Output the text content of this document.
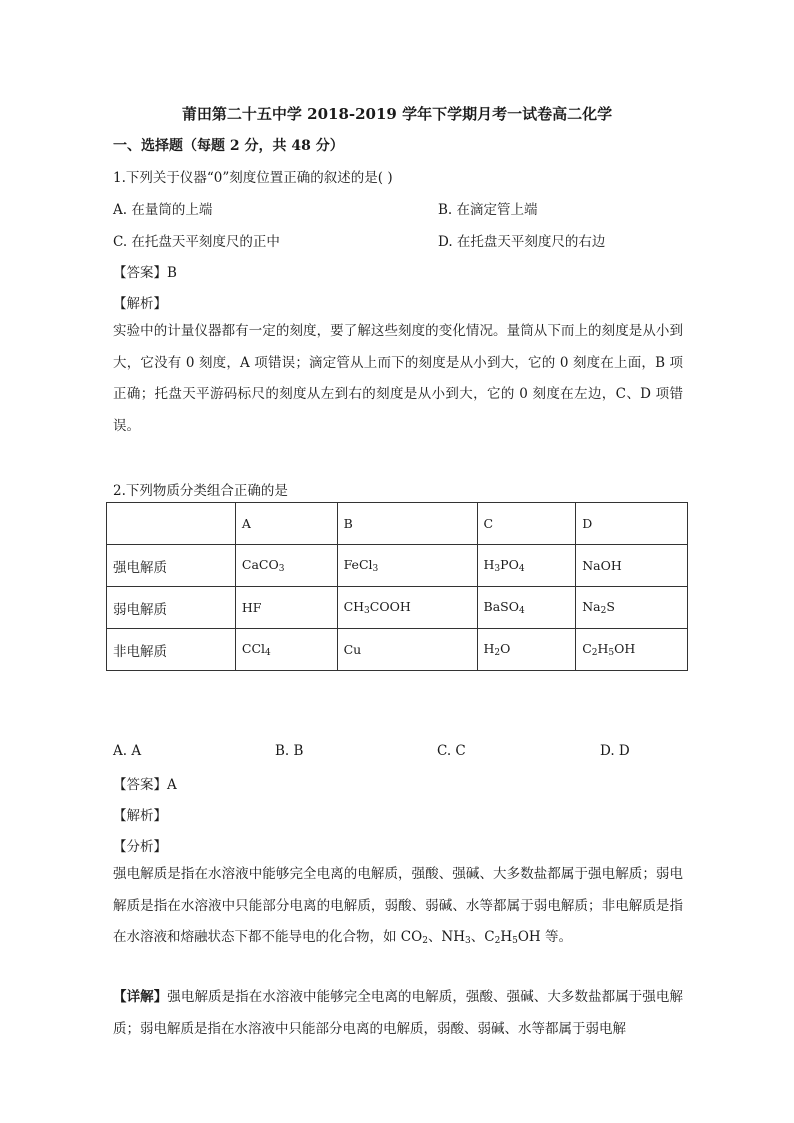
莆田第二十五中学 2018-2019 学年下学期月考一试卷高二化学
一、选择题（每题 2 分，共 48 分）
1.下列关于仪器“0”刻度位置正确的叙述的是( )
A. 在量筒的上端	B. 在滴定管上端
C. 在托盘天平刻度尺的正中	D. 在托盘天平刻度尺的右边
【答案】B
【解析】
实验中的计量仪器都有一定的刻度，要了解这些刻度的变化情况。量筒从下而上的刻度是从小到大，它没有 0 刻度，A 项错误；滴定管从上而下的刻度是从小到大，它的 0 刻度在上面，B 项正确；托盘天平游码标尺的刻度从左到右的刻度是从小到大，它的 0 刻度在左边，C、D 项错误。
2.下列物质分类组合正确的是
	A	B	C	D
强电解质	CaCO$_3$	FeCl$_3$	$H_3PO_4$	NaOH
弱电解质	HF	$CH_3COOH$	BaSO$_4$	$Na_2S$
非电解质	CCl$_4$	Cu	$H_2O$	$C_2H_5OH$
A. A	B. B	C. C	D. D
【答案】A
【解析】
【分析】
强电解质是指在水溶液中能够完全电离的电解质，强酸、强碱、大多数盐都属于强电解质；弱电解质是指在水溶液中只能部分电离的电解质，弱酸、弱碱、水等都属于弱电解质；非电解质是指在水溶液和熔融状态下都不能导电的化合物，如 $CO_2$、$NH_3$、$C_2H_5OH$ 等。
【详解】强电解质是指在水溶液中能够完全电离的电解质，强酸、强碱、大多数盐都属于强电解质；弱电解质是指在水溶液中只能部分电离的电解质，弱酸、弱碱、水等都属于弱电解
